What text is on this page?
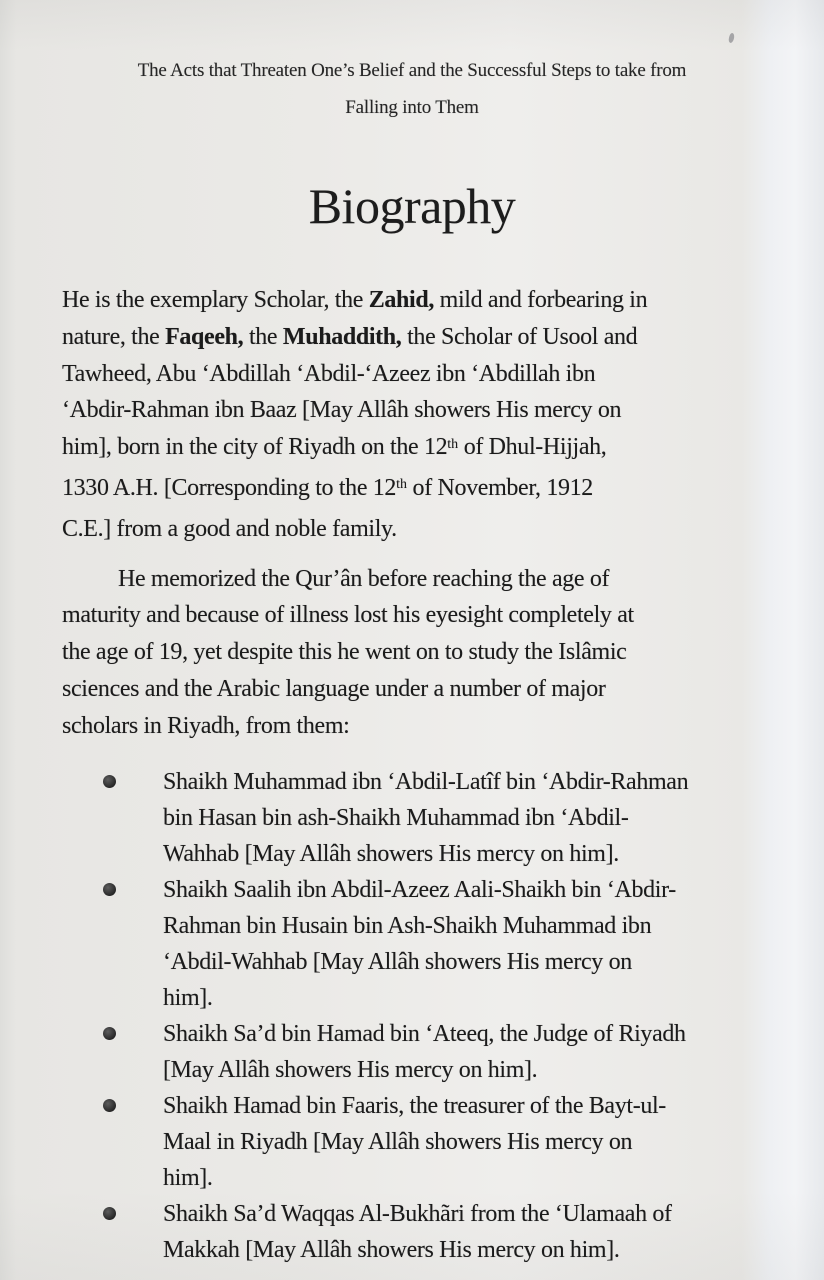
The Acts that Threaten One’s Belief and the Successful Steps to take from
Falling into Them
Biography
He is the exemplary Scholar, the Zahid, mild and forbearing in
nature, the Faqeeh, the Muhaddith, the Scholar of Usool and
Tawheed, Abu ‘Abdillah ‘Abdil-‘Azeez ibn ‘Abdillah ibn
‘Abdir-Rahman ibn Baaz [May Allâh showers His mercy on
him], born in the city of Riyadh on the 12th of Dhul-Hijjah,
1330 A.H. [Corresponding to the 12th of November, 1912
C.E.] from a good and noble family.
He memorized the Qur’ân before reaching the age of
maturity and because of illness lost his eyesight completely at
the age of 19, yet despite this he went on to study the Islâmic
sciences and the Arabic language under a number of major
scholars in Riyadh, from them:
Shaikh Muhammad ibn ‘Abdil-Latîf bin ‘Abdir-Rahman
bin Hasan bin ash-Shaikh Muhammad ibn ‘Abdil-
Wahhab [May Allâh showers His mercy on him].
Shaikh Saalih ibn Abdil-Azeez Aali-Shaikh bin ‘Abdir-
Rahman bin Husain bin Ash-Shaikh Muhammad ibn
‘Abdil-Wahhab [May Allâh showers His mercy on
him].
Shaikh Sa’d bin Hamad bin ‘Ateeq, the Judge of Riyadh
[May Allâh showers His mercy on him].
Shaikh Hamad bin Faaris, the treasurer of the Bayt-ul-
Maal in Riyadh [May Allâh showers His mercy on
him].
Shaikh Sa’d Waqqas Al-Bukhãri from the ‘Ulamaah of
Makkah [May Allâh showers His mercy on him].
